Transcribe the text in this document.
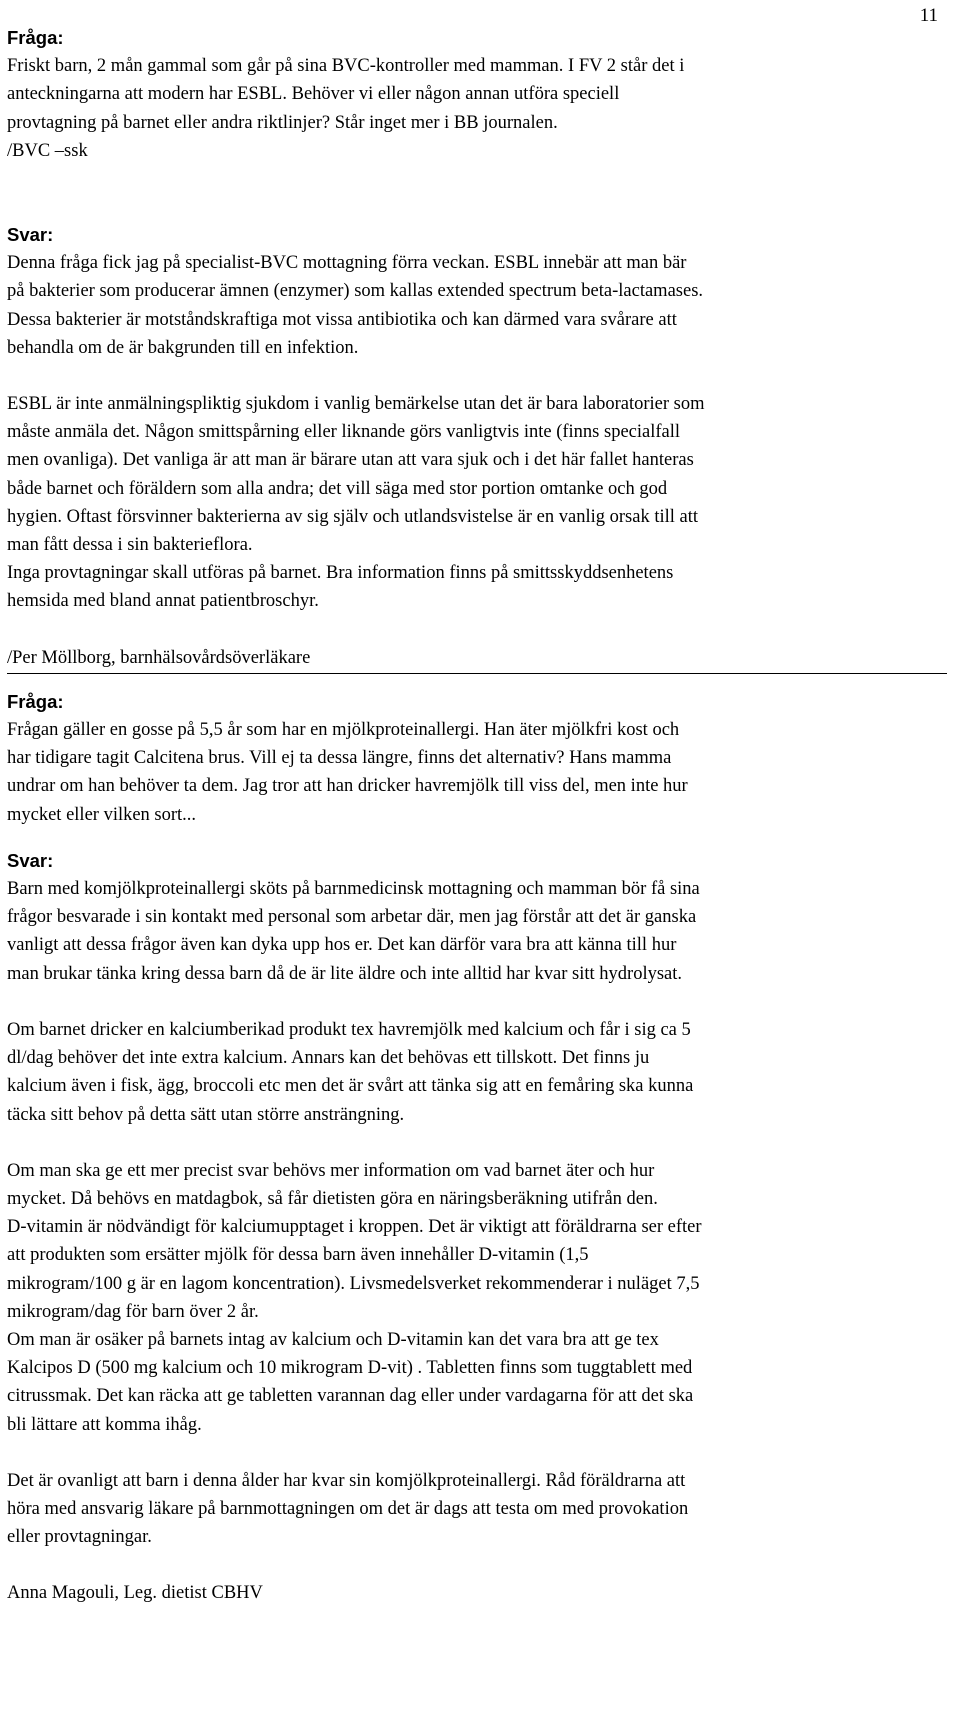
11
Fråga:
Friskt barn, 2 mån gammal som går på sina BVC-kontroller med mamman. I FV 2 står det i
anteckningarna att modern har ESBL. Behöver vi eller någon annan utföra speciell
provtagning på barnet eller andra riktlinjer? Står inget mer i BB journalen.
/BVC –ssk
Svar:
Denna fråga fick jag på specialist-BVC mottagning förra veckan. ESBL innebär att man bär
på bakterier som producerar ämnen (enzymer) som kallas extended spectrum beta-lactamases.
Dessa bakterier är motståndskraftiga mot vissa antibiotika och kan därmed vara svårare att
behandla om de är bakgrunden till en infektion.
ESBL är inte anmälningspliktig sjukdom i vanlig bemärkelse utan det är bara laboratorier som
måste anmäla det. Någon smittspårning eller liknande görs vanligtvis inte (finns specialfall
men ovanliga). Det vanliga är att man är bärare utan att vara sjuk och i det här fallet hanteras
både barnet och föräldern som alla andra; det vill säga med stor portion omtanke och god
hygien. Oftast försvinner bakterierna av sig själv och utlandsvistelse är en vanlig orsak till att
man fått dessa i sin bakterieflora.
Inga provtagningar skall utföras på barnet. Bra information finns på smittsskyddsenhetens
hemsida med bland annat patientbroschyr.
/Per Möllborg, barnhälsovårdsöverläkare
Fråga:
Frågan gäller en gosse på 5,5 år som har en mjölkproteinallergi. Han äter mjölkfri kost och
har tidigare tagit Calcitena brus. Vill ej ta dessa längre, finns det alternativ? Hans mamma
undrar om han behöver ta dem. Jag tror att han dricker havremjölk till viss del, men inte hur
mycket eller vilken sort...
Svar:
Barn med komjölkproteinallergi sköts på barnmedicinsk mottagning och mamman bör få sina
frågor besvarade i sin kontakt med personal som arbetar där, men jag förstår att det är ganska
vanligt att dessa frågor även kan dyka upp hos er. Det kan därför vara bra att känna till hur
man brukar tänka kring dessa barn då de är lite äldre och inte alltid har kvar sitt hydrolysat.
Om barnet dricker en kalciumberikad produkt tex havremjölk med kalcium och får i sig ca 5
dl/dag behöver det inte extra kalcium. Annars kan det behövas ett tillskott. Det finns ju
kalcium även i fisk, ägg, broccoli etc men det är svårt att tänka sig att en femåring ska kunna
täcka sitt behov på detta sätt utan större ansträngning.
Om man ska ge ett mer precist svar behövs mer information om vad barnet äter och hur
mycket. Då behövs en matdagbok, så får dietisten göra en näringsberäkning utifrån den.
D-vitamin är nödvändigt för kalciumupptaget i kroppen. Det är viktigt att föräldrarna ser efter
att produkten som ersätter mjölk för dessa barn även innehåller D-vitamin (1,5
mikrogram/100 g är en lagom koncentration). Livsmedelsverket rekommenderar i nuläget 7,5
mikrogram/dag för barn över 2 år.
Om man är osäker på barnets intag av kalcium och D-vitamin kan det vara bra att ge tex
Kalcipos D (500 mg kalcium och 10 mikrogram D-vit) . Tabletten finns som tuggtablett med
citrussmak. Det kan räcka att ge tabletten varannan dag eller under vardagarna för att det ska
bli lättare att komma ihåg.
Det är ovanligt att barn i denna ålder har kvar sin komjölkproteinallergi. Råd föräldrarna att
höra med ansvarig läkare på barnmottagningen om det är dags att testa om med provokation
eller provtagningar.
Anna Magouli, Leg. dietist CBHV
